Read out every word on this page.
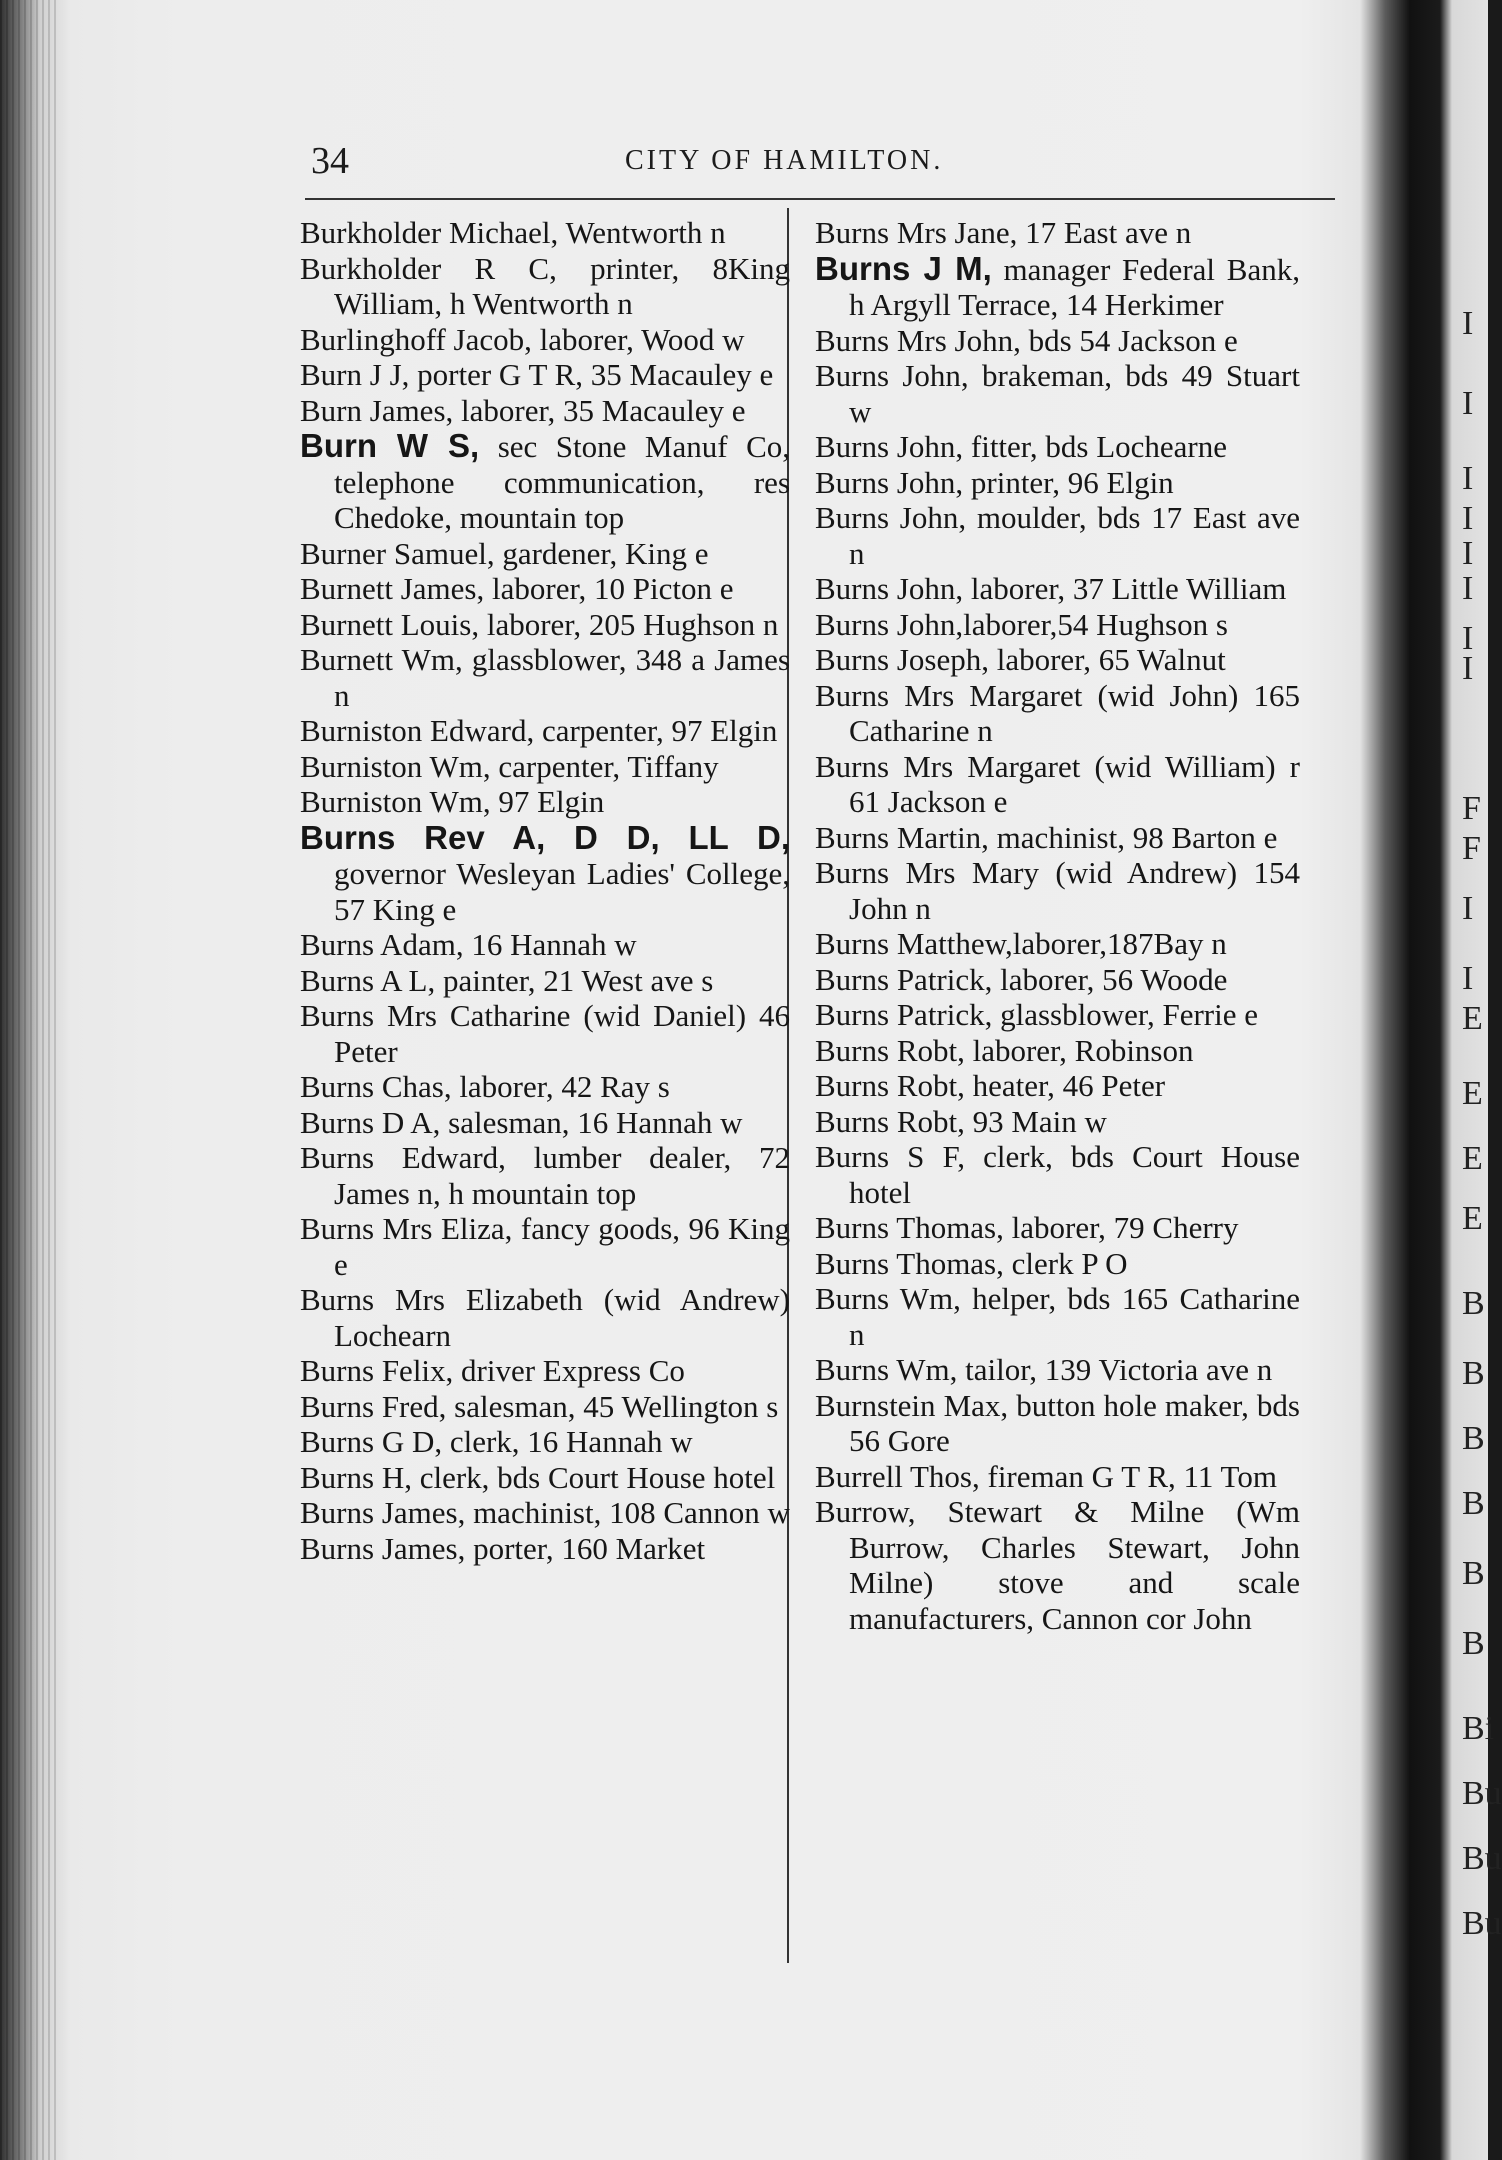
34	CITY OF HAMILTON.

Burkholder Michael, Wentworth n

Burkholder R C, printer, 8King William, h Wentworth n

Burlinghoff Jacob, laborer, Wood w

Burn J J, porter G T R, 35 Macauley e

Burn James, laborer, 35 Macauley e

Burn W S, sec Stone Manuf Co, telephone communication, res Chedoke, mountain top

Burner Samuel, gardener, King e

Burnett James, laborer, 10 Picton e

Burnett Louis, laborer, 205 Hughson n

Burnett Wm, glassblower, 348 a James n

Burniston Edward, carpenter, 97 Elgin

Burniston Wm, carpenter, Tiffany

Burniston Wm, 97 Elgin

Burns Rev A, D D, LL D, governor Wesleyan Ladies' College, 57 King e

Burns Adam, 16 Hannah w

Burns A L, painter, 21 West ave s

Burns Mrs Catharine (wid Daniel) 46 Peter

Burns Chas, laborer, 42 Ray s

Burns D A, salesman, 16 Hannah w

Burns Edward, lumber dealer, 72 James n, h mountain top

Burns Mrs Eliza, fancy goods, 96 King e

Burns Mrs Elizabeth (wid Andrew) Lochearn

Burns Felix, driver Express Co

Burns Fred, salesman, 45 Wellington s

Burns G D, clerk, 16 Hannah w

Burns H, clerk, bds Court House hotel

Burns James, machinist, 108 Cannon w

Burns James, porter, 160 Market

Burns Mrs Jane, 17 East ave n

Burns J M, manager Federal Bank, h Argyll Terrace, 14 Herkimer

Burns Mrs John, bds 54 Jackson e

Burns John, brakeman, bds 49 Stuart w

Burns John, fitter, bds Lochearne

Burns John, printer, 96 Elgin

Burns John, moulder, bds 17 East ave n

Burns John, laborer, 37 Little William

Burns John,laborer,54 Hughson s

Burns Joseph, laborer, 65 Walnut

Burns Mrs Margaret (wid John) 165 Catharine n

Burns Mrs Margaret (wid William) r 61 Jackson e

Burns Martin, machinist, 98 Barton e

Burns Mrs Mary (wid Andrew) 154 John n

Burns Matthew,laborer,187Bay n

Burns Patrick, laborer, 56 Woode

Burns Patrick, glassblower, Ferrie e

Burns Robt, laborer, Robinson

Burns Robt, heater, 46 Peter

Burns Robt, 93 Main w

Burns S F, clerk, bds Court House hotel

Burns Thomas, laborer, 79 Cherry

Burns Thomas, clerk P O

Burns Wm, helper, bds 165 Catharine n

Burns Wm, tailor, 139 Victoria ave n

Burnstein Max, button hole maker, bds 56 Gore

Burrell Thos, fireman G T R, 11 Tom

Burrow, Stewart & Milne (Wm Burrow, Charles Stewart, John Milne) stove and scale manufacturers, Cannon cor John

I
I
I
I
I
I
I
I
F
F
I
I
E
E
E
E
B
B
B
B
B
B
Bi
Bu
Bu
Bu
